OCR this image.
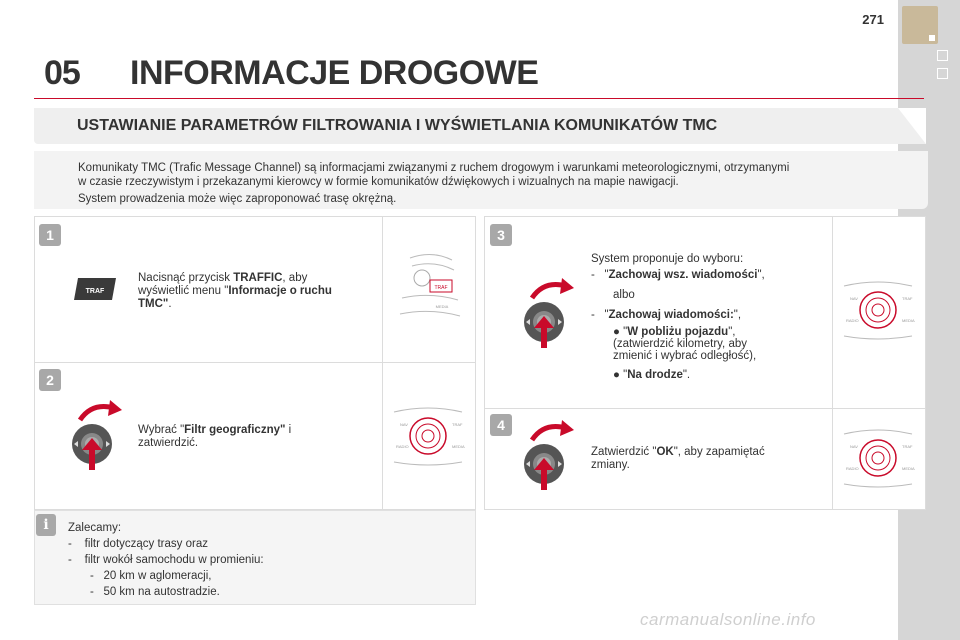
271
05 INFORMACJE DROGOWE
USTAWIANIE PARAMETRÓW FILTROWANIA I WYŚWIETLANIA KOMUNIKATÓW TMC

Komunikaty TMC (Trafic Message Channel) są informacjami związanymi z ruchem drogowym i warunkami meteorologicznymi, otrzymanymi

w czasie rzeczywistym i przekazanymi kierowcy w formie komunikatów dźwiękowych i wizualnych na mapie nawigacji.

System prowadzenia może więc zaproponować trasę okrężną.

1
2
3
4
TRAF
Nacisnąć przycisk TRAFFIC, aby
wyświetlić menu "Informacje o ruchu
TMC".
TRAF
MEDIA
Wybrać "Filtr geograficzny" i
zatwierdzić.
NAV	TRAF
RADIO	MEDIA
System proponuje do wyboru:
- "Zachowaj wsz. wiadomości",
albo
- "Zachowaj wiadomości:",
● "W pobliżu pojazdu",
(zatwierdzić kilometry, aby
zmienić i wybrać odległość),
● "Na drodze".
NAV	TRAF
RADIO	MEDIA
Zatwierdzić "OK", aby zapamiętać
zmiany.
NAV	TRAF
RADIO	MEDIA
i	Zalecamy:
- filtr dotyczący trasy oraz
- filtr wokół samochodu w promieniu:
- 20 km w aglomeracji,
- 50 km na autostradzie.
carmanualsonline.info
